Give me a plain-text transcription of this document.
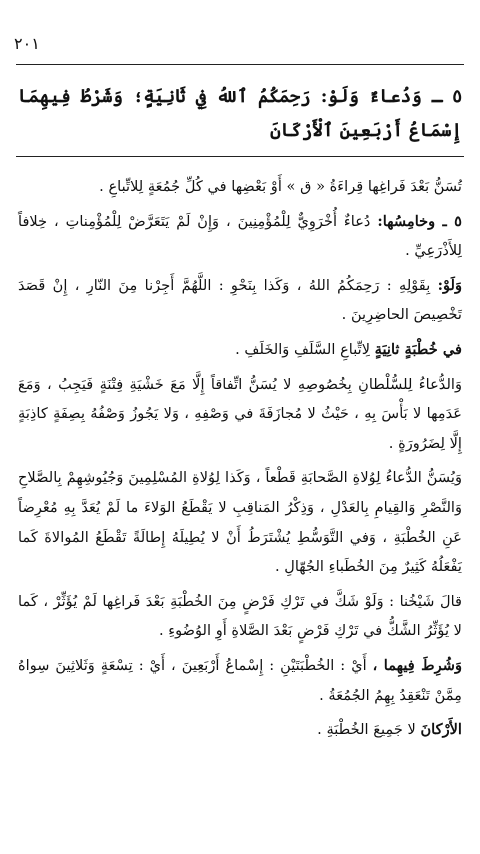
٢٠١

٥ ـ وَدُعاءٌ وَلَوْ: رَحِمَكُمُ ٱللهُ فِي ثَانِيَةٍ؛ وَشَرْطُ فِيهِمَا إِسْمَاعُ أَرْبَعِينَ ٱلْأَرْكَانَ

تُسَنُّ بَعْدَ فَراغِها قِراءَةُ « ق » أَوْ بَعْضِها في كُلِّ جُمُعَةٍ لِلاتِّباعِ .

٥ ـ وخامِسُها: دُعاءٌ أُخْرَوِيٌّ لِلْمُؤْمِنِينَ ، وَإِنْ لَمْ يَتَعَرَّضْ لِلْمُؤْمِناتِ ، خِلافاً لِلأَذْرَعِيِّ .

وَلَوْ: بِقَوْلِهِ : رَحِمَكُمُ اللهُ ، وَكَذا بِنَحْوِ : اللَّهُمَّ أَجِرْنا مِنَ النّارِ ، إِنْ قَصَدَ تَخْصِيصَ الحاضِرِينَ .

في خُطْبَةٍ ثانِيَةٍ لِاتِّباعِ السَّلَفِ وَالخَلَفِ .

وَالدُّعاءُ لِلسُّلْطانِ بِخُصُوصِهِ لا يُسَنُّ اتِّفاقاً إِلَّا مَعَ خَشْيَةِ فِتْنَةٍ فَيَجِبُ ، وَمَعَ عَدَمِها لا بَأْسَ بِهِ ، حَيْثُ لا مُجازَفَةَ في وَصْفِهِ ، وَلا يَجُوزُ وَصْفُهُ بِصِفَةٍ كاذِبَةٍ إِلَّا لِضَرُورَةٍ .

وَيُسَنُّ الدُّعاءُ لِوُلاةِ الصَّحابَةِ قَطْعاً ، وَكَذا لِوُلاةِ المُسْلِمِينَ وَجُيُوشِهِمْ بِالصَّلاحِ وَالنَّصْرِ وَالقِيامِ بِالعَدْلِ ، وَذِكْرُ المَناقِبِ لا يَقْطَعُ الوَلاءَ ما لَمْ يُعَدَّ بِهِ مُعْرِضاً عَنِ الخُطْبَةِ ، وَفي التَّوَسُّطِ يُشْتَرَطُ أَنْ لا يُطِيلَهُ إِطالَةً تَقْطَعُ المُوالاةَ كَما يَفْعَلُهُ كَثِيرٌ مِنَ الخُطَباءِ الجُهّالِ .

قالَ شَيْخُنا : وَلَوْ شَكَّ في تَرْكِ فَرْضٍ مِنَ الخُطْبَةِ بَعْدَ فَراغِها لَمْ يُؤَثِّرْ ، كَما لا يُؤَثِّرُ الشَّكُّ في تَرْكِ فَرْضٍ بَعْدَ الصَّلاةِ أَوِ الوُضُوءِ .

وَشُرِطَ فِيهِما ، أَيْ : الخُطْبَتَيْنِ : إِسْماعُ أَرْبَعِينَ ، أَيْ : تِسْعَةٍ وَثَلاثِينَ سِواهُ مِمَّنْ تَنْعَقِدُ بِهِمُ الجُمُعَةُ .

الأَرْكانَ لا جَمِيعَ الخُطْبَةِ .
